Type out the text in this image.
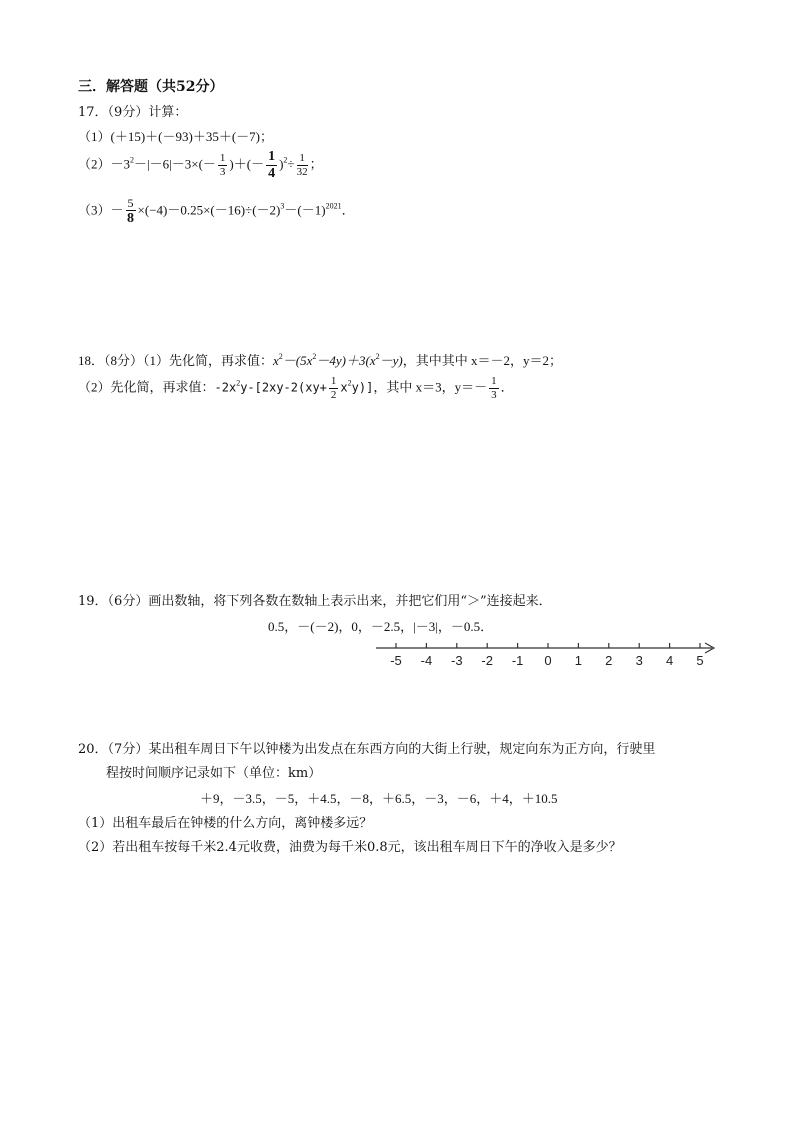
三．解答题（共52分）
17．（9分）计算：
（1）(＋15)＋(－93)＋35＋(－7)；
$(2)-3^2-|-6|-3\times(- \frac{1}{3}$ )＋(－ $\frac{1}{4} )^2\div \frac{1}{32}$ ；
$(3)- \frac{5}{8} \times(-4)-0.25\times(-16)\div(-2)^3-(-1)^{2021}$．
18．（8分）（1）先化简，再求值：$x^2-(5x^2-4y)+3(x^2-y)$，其中其中 x＝－2，y＝2；
（2）先化简，再求值：$-2x^2y-[2xy-2(xy+ \frac{1}{2} x^2y)]$，其中 x＝3，$y=- \frac{1}{3}$ ．
19．（6分）画出数轴，将下列各数在数轴上表示出来，并把它们用“＞”连接起来．
0.5，－(－2)，0，－2.5，|－3|，－0.5．
-5 -4 -3 -2 -1 0 1 2 3 4 5
20．（7分）某出租车周日下午以钟楼为出发点在东西方向的大街上行驶，规定向东为正方向，行驶里
程按时间顺序记录如下（单位：km）
＋9，－3.5，－5，＋4.5，－8，＋6.5，－3，－6，＋4，＋10.5
（1）出租车最后在钟楼的什么方向，离钟楼多远？
（2）若出租车按每千米2.4元收费，油费为每千米0.8元，该出租车周日下午的净收入是多少？
